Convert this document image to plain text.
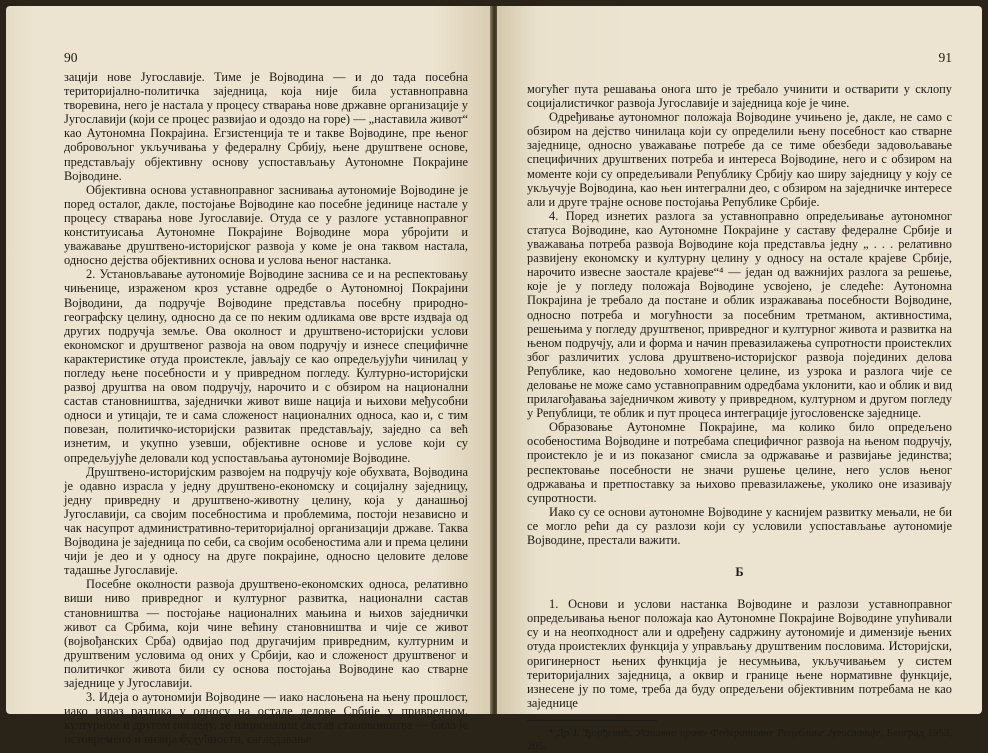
90

зацији нове Југославије. Тиме је Војводина — и до тада посебна територијално-политичка заједница, која није била уставноправна творевина, него је настала у процесу стварања нове државне организације у Југославији (који се процес развијао и одоздо на горе) — „наставила живот“ као Аутономна Покрајина. Егзистенција те и такве Војводине, пре њеног добровољног укључивања у федералну Србију, њене друштвене основе, представљају објективну основу успостављању Аутономне Покрајине Војводине.

Објективна основа уставноправног заснивања аутономије Војводине је поред осталог, дакле, постојање Војводине као посебне јединице настале у процесу стварања нове Југославије. Отуда се у разлоге уставноправног конституисања Аутономне Покрајине Војводине мора убројити и уважавање друштвено-историјског развоја у коме је она таквом настала, односно дејства објективних основа и услова њеног настанка.

2. Установљавање аутономије Војводине заснива се и на респектовању чињенице, израженом кроз уставне одредбе о Аутономној Покрајини Војводини, да подручје Војводине представља посебну природно-географску целину, односно да се по неким одликама ове врсте издваја од других подручја земље. Ова околност и друштвено-историјски услови економског и друштвеног развоја на овом подручју и изнесе специфичне карактеристике отуда проистекле, јављају се као опредељујући чинилац у погледу њене посебности и у привредном погледу. Културно-историјски развој друштва на овом подручју, нарочито и с обзиром на национални састав становништва, заједнички живот више нација и њихови међусобни односи и утицаји, те и сама сложеност националних односа, као и, с тим повезан, политичко-историјски развитак представљају, заједно са већ изнетим, и укупно узевши, објективне основе и услове који су опредељујуће деловали код успостављања аутономије Војводине.

Друштвено-историјским развојем на подручју које обухвата, Војводина је одавно израсла у једну друштвено-економску и социјалну заједницу, једну привредну и друштвено-животну целину, која у данашњој Југославији, са својим посебностима и проблемима, постоји независно и чак насупрот административно-територијалној организацији државе. Таква Војводина је заједница по себи, са својим особеностима али и према целини чији је део и у односу на друге покрајине, односно целовите делове тадашње Југославије.

Посебне околности развоја друштвено-економских односа, релативно виши ниво привредног и културног развитка, национални састав становништва — постојање националних мањина и њихов заједнички живот са Србима, који чине већину становништва и чије се живот (војвођанских Срба) одвијао под другачијим привредним, културним и друштвеним условима од оних у Србији, као и сложеност друштвеног и политичког живота били су основа постојања Војводине као стварне заједнице у Југославији.

3. Идеја о аутономији Војводине — иако наслоњена на њену прошлост, иако израз разлика у односу на остале делове Србије у привредном, културном и другом погледу, те национални састав становништва — била је истовремено и визија будућности, сагледавање

91

могућег пута решавања онога што је требало учинити и остварити у склопу социјалистичког развоја Југославије и заједница које је чине.

Одређивање аутономног положаја Војводине учињено је, дакле, не само с обзиром на дејство чинилаца који су определили њену посебност као стварне заједнице, односно уважавање потребе да се тиме обезбеди задовољавање специфичних друштвених потреба и интереса Војводине, него и с обзиром на моменте који су опредељивали Републику Србију као ширу заједницу у коју се укључује Војводина, као њен интегрални део, с обзиром на заједничке интересе али и друге трајне основе постојања Републике Србије.

4. Поред изнетих разлога за уставноправно опредељивање аутономног статуса Војводине, као Аутономне Покрајине у саставу федералне Србије и уважавања потреба развоја Војводине која представља једну „ . . . релативно развијену економску и културну целину у односу на остале крајеве Србије, нарочито извесне заостале крајеве“⁴ — један од важнијих разлога за решење, које је у погледу положаја Војводине усвојено, је следеће: Аутономна Покрајина је требало да постане и облик изражавања посебности Војводине, односно потреба и могућности за посебним третманом, активностима, решењима у погледу друштвеног, привредног и културног живота и развитка на њеном подручју, али и форма и начин превазилажења супротности проистеклих због различитих услова друштвено-историјског развоја појединих делова Републике, као недовољно хомогене целине, из узрока и разлога чије се деловање не може само уставноправним одредбама уклонити, као и облик и вид прилагођавања заједничком животу у привредном, културном и другом погледу у Републици, те облик и пут процеса интеграције југословенске заједнице.

Образовање Аутономне Покрајине, ма колико било опредељено особеностима Војводине и потребама специфичног развоја на њеном подручју, проистекло је и из показаног смисла за одржавање и развијање јединства; респектовање посебности не значи рушење целине, него услов њеног одржавања и претпоставку за њихово превазилажење, уколико оне изазивају супротности.

Иако су се основи аутономне Војводине у каснијем развитку мењали, не би се могло рећи да су разлози који су условили успостављање аутономије Војводине, престали важити.

Б

1. Основи и услови настанка Војводине и разлози уставноправног опредељивања њеног положаја као Аутономне Покрајине Војводине упућивали су и на неопходност али и одређену садржину аутономије и димензије њених отуда проистеклих функција у управљању друштвеним пословима. Историјски, оригинерност њених функција је несумњива, укључивањем у систем територијалних заједница, а оквир и границе њене нормативне функције, изнесене ју по томе, треба да буду опредељени објективним потребама не као заједнице

⁴ Др Ј. Ђорђевић, Уставно право Федеративне Републике Југославије, Београд 1953, 205.
